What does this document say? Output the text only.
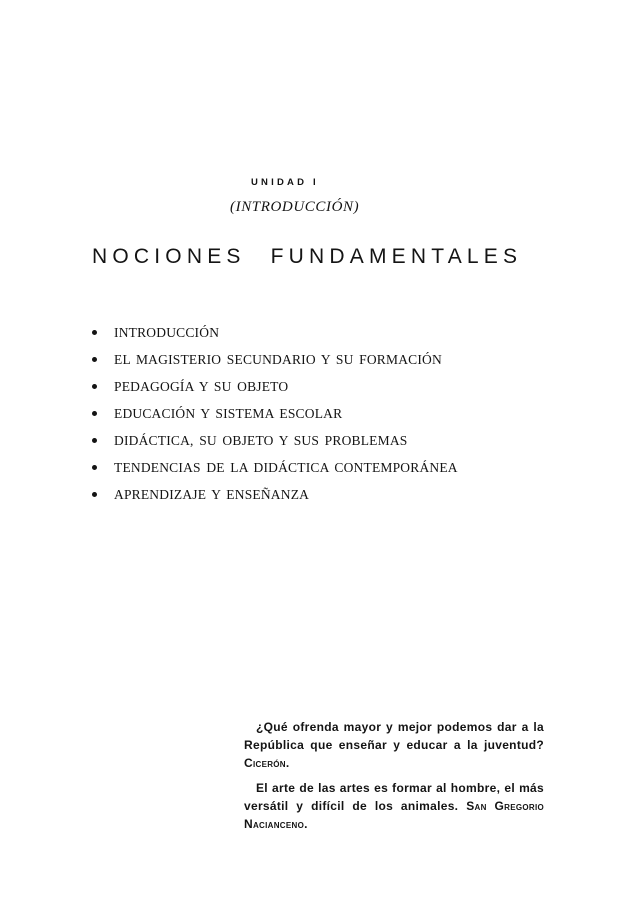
UNIDAD I
(INTRODUCCIÓN)
NOCIONES FUNDAMENTALES
INTRODUCCIÓN
EL MAGISTERIO SECUNDARIO Y SU FORMACIÓN
PEDAGOGÍA Y SU OBJETO
EDUCACIÓN Y SISTEMA ESCOLAR
DIDÁCTICA, SU OBJETO Y SUS PROBLEMAS
TENDENCIAS DE LA DIDÁCTICA CONTEMPORÁNEA
APRENDIZAJE Y ENSEÑANZA

¿Qué ofrenda mayor y mejor podemos dar a la República que enseñar y educar a la juventud? Cicerón.

El arte de las artes es formar al hombre, el más versátil y difícil de los animales. San Gregorio Nacianceno.
